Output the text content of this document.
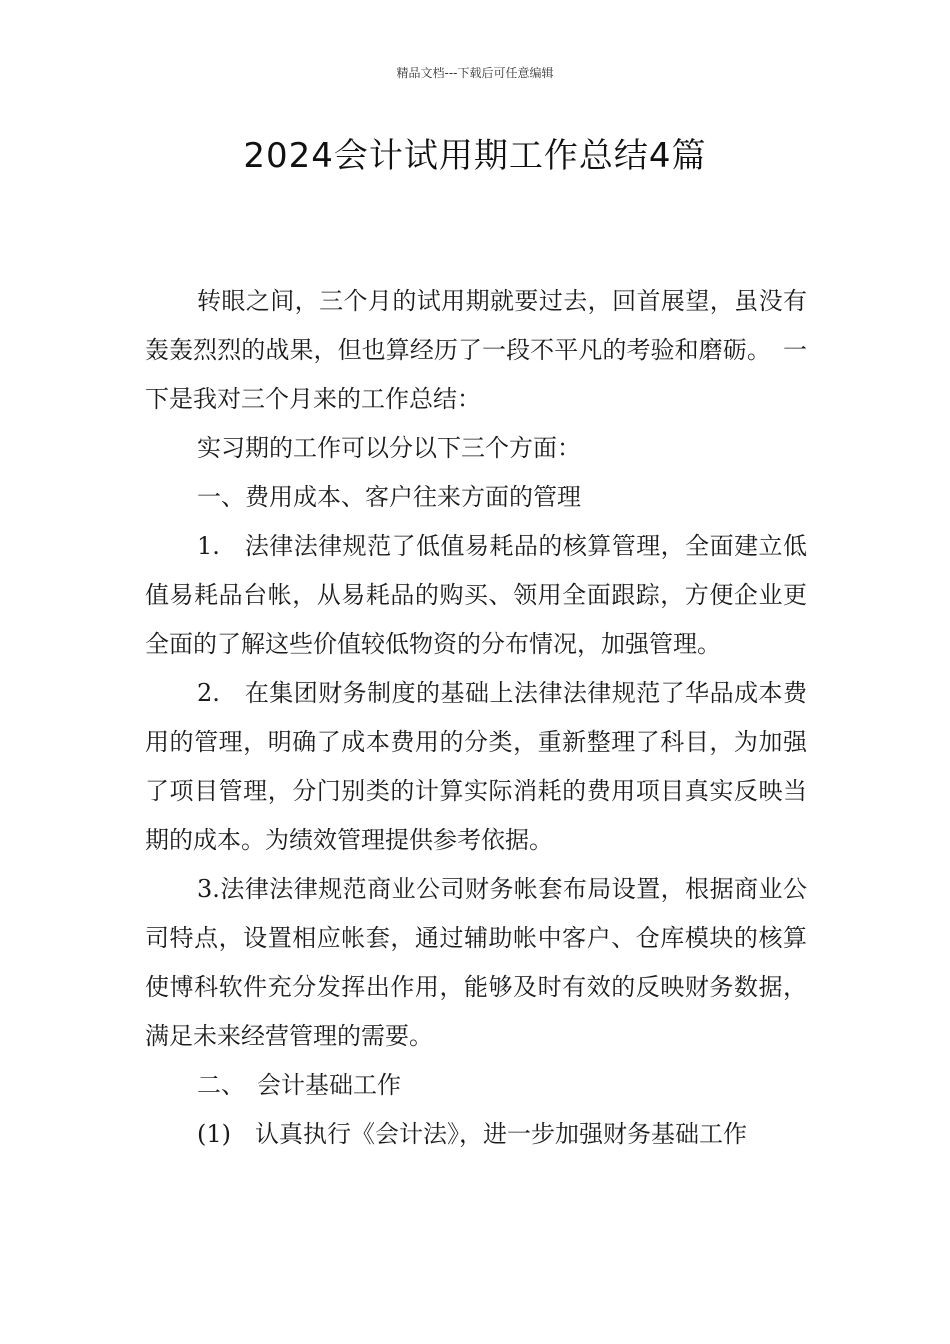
精品文档---下载后可任意编辑
2024会计试用期工作总结4篇

转眼之间，三个月的试用期就要过去，回首展望，虽没有轰轰烈烈的战果，但也算经历了一段不平凡的考验和磨砺。　一下是我对三个月来的工作总结：

实习期的工作可以分以下三个方面：

一、费用成本、客户往来方面的管理

1.　法律法律规范了低值易耗品的核算管理，全面建立低值易耗品台帐，从易耗品的购买、领用全面跟踪，方便企业更全面的了解这些价值较低物资的分布情况，加强管理。

2.　在集团财务制度的基础上法律法律规范了华品成本费用的管理，明确了成本费用的分类，重新整理了科目，为加强了项目管理，分门别类的计算实际消耗的费用项目真实反映当期的成本。为绩效管理提供参考依据。

3.法律法律规范商业公司财务帐套布局设置，根据商业公司特点，设置相应帐套，通过辅助帐中客户、仓库模块的核算使博科软件充分发挥出作用，能够及时有效的反映财务数据，满足未来经营管理的需要。

二、　会计基础工作

(1)　认真执行《会计法》，进一步加强财务基础工作
